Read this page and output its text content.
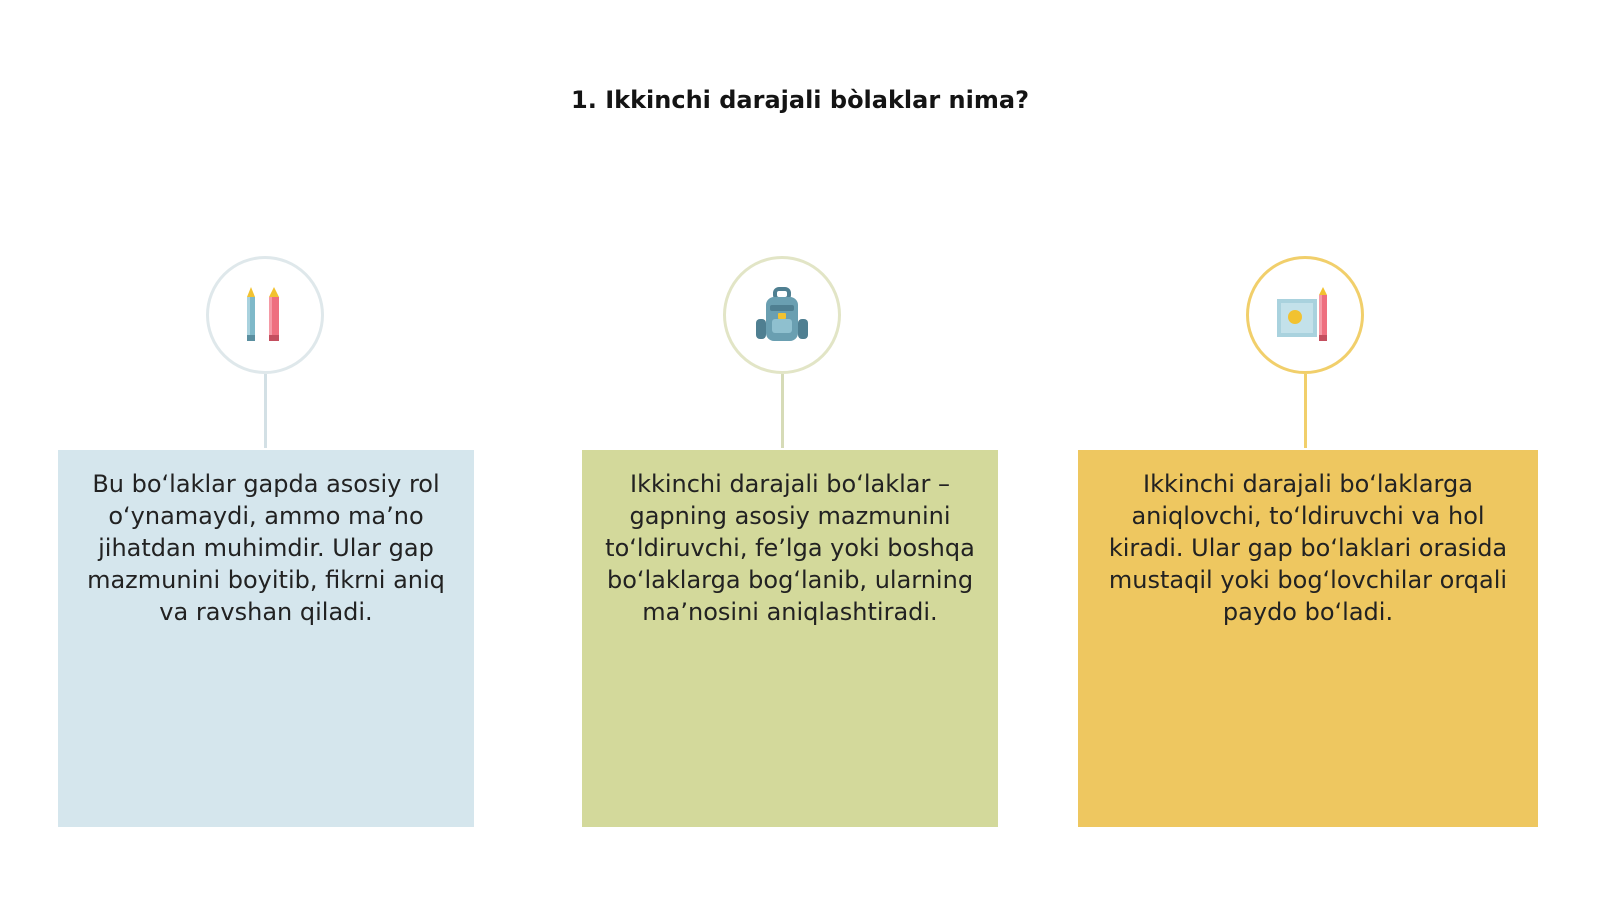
1. Ikkinchi darajali bòlaklar nima?

Bu bo‘laklar gapda asosiy rol o‘ynamaydi, ammo ma’no jihatdan muhimdir. Ular gap mazmunini boyitib, fikrni aniq va ravshan qiladi.

Ikkinchi darajali bo‘laklar – gapning asosiy mazmunini to‘ldiruvchi, fe’lga yoki boshqa bo‘laklarga bog‘lanib, ularning ma’nosini aniqlashtiradi.

Ikkinchi darajali bo‘laklarga aniqlovchi, to‘ldiruvchi va hol kiradi. Ular gap bo‘laklari orasida mustaqil yoki bog‘lovchilar orqali paydo bo‘ladi.
